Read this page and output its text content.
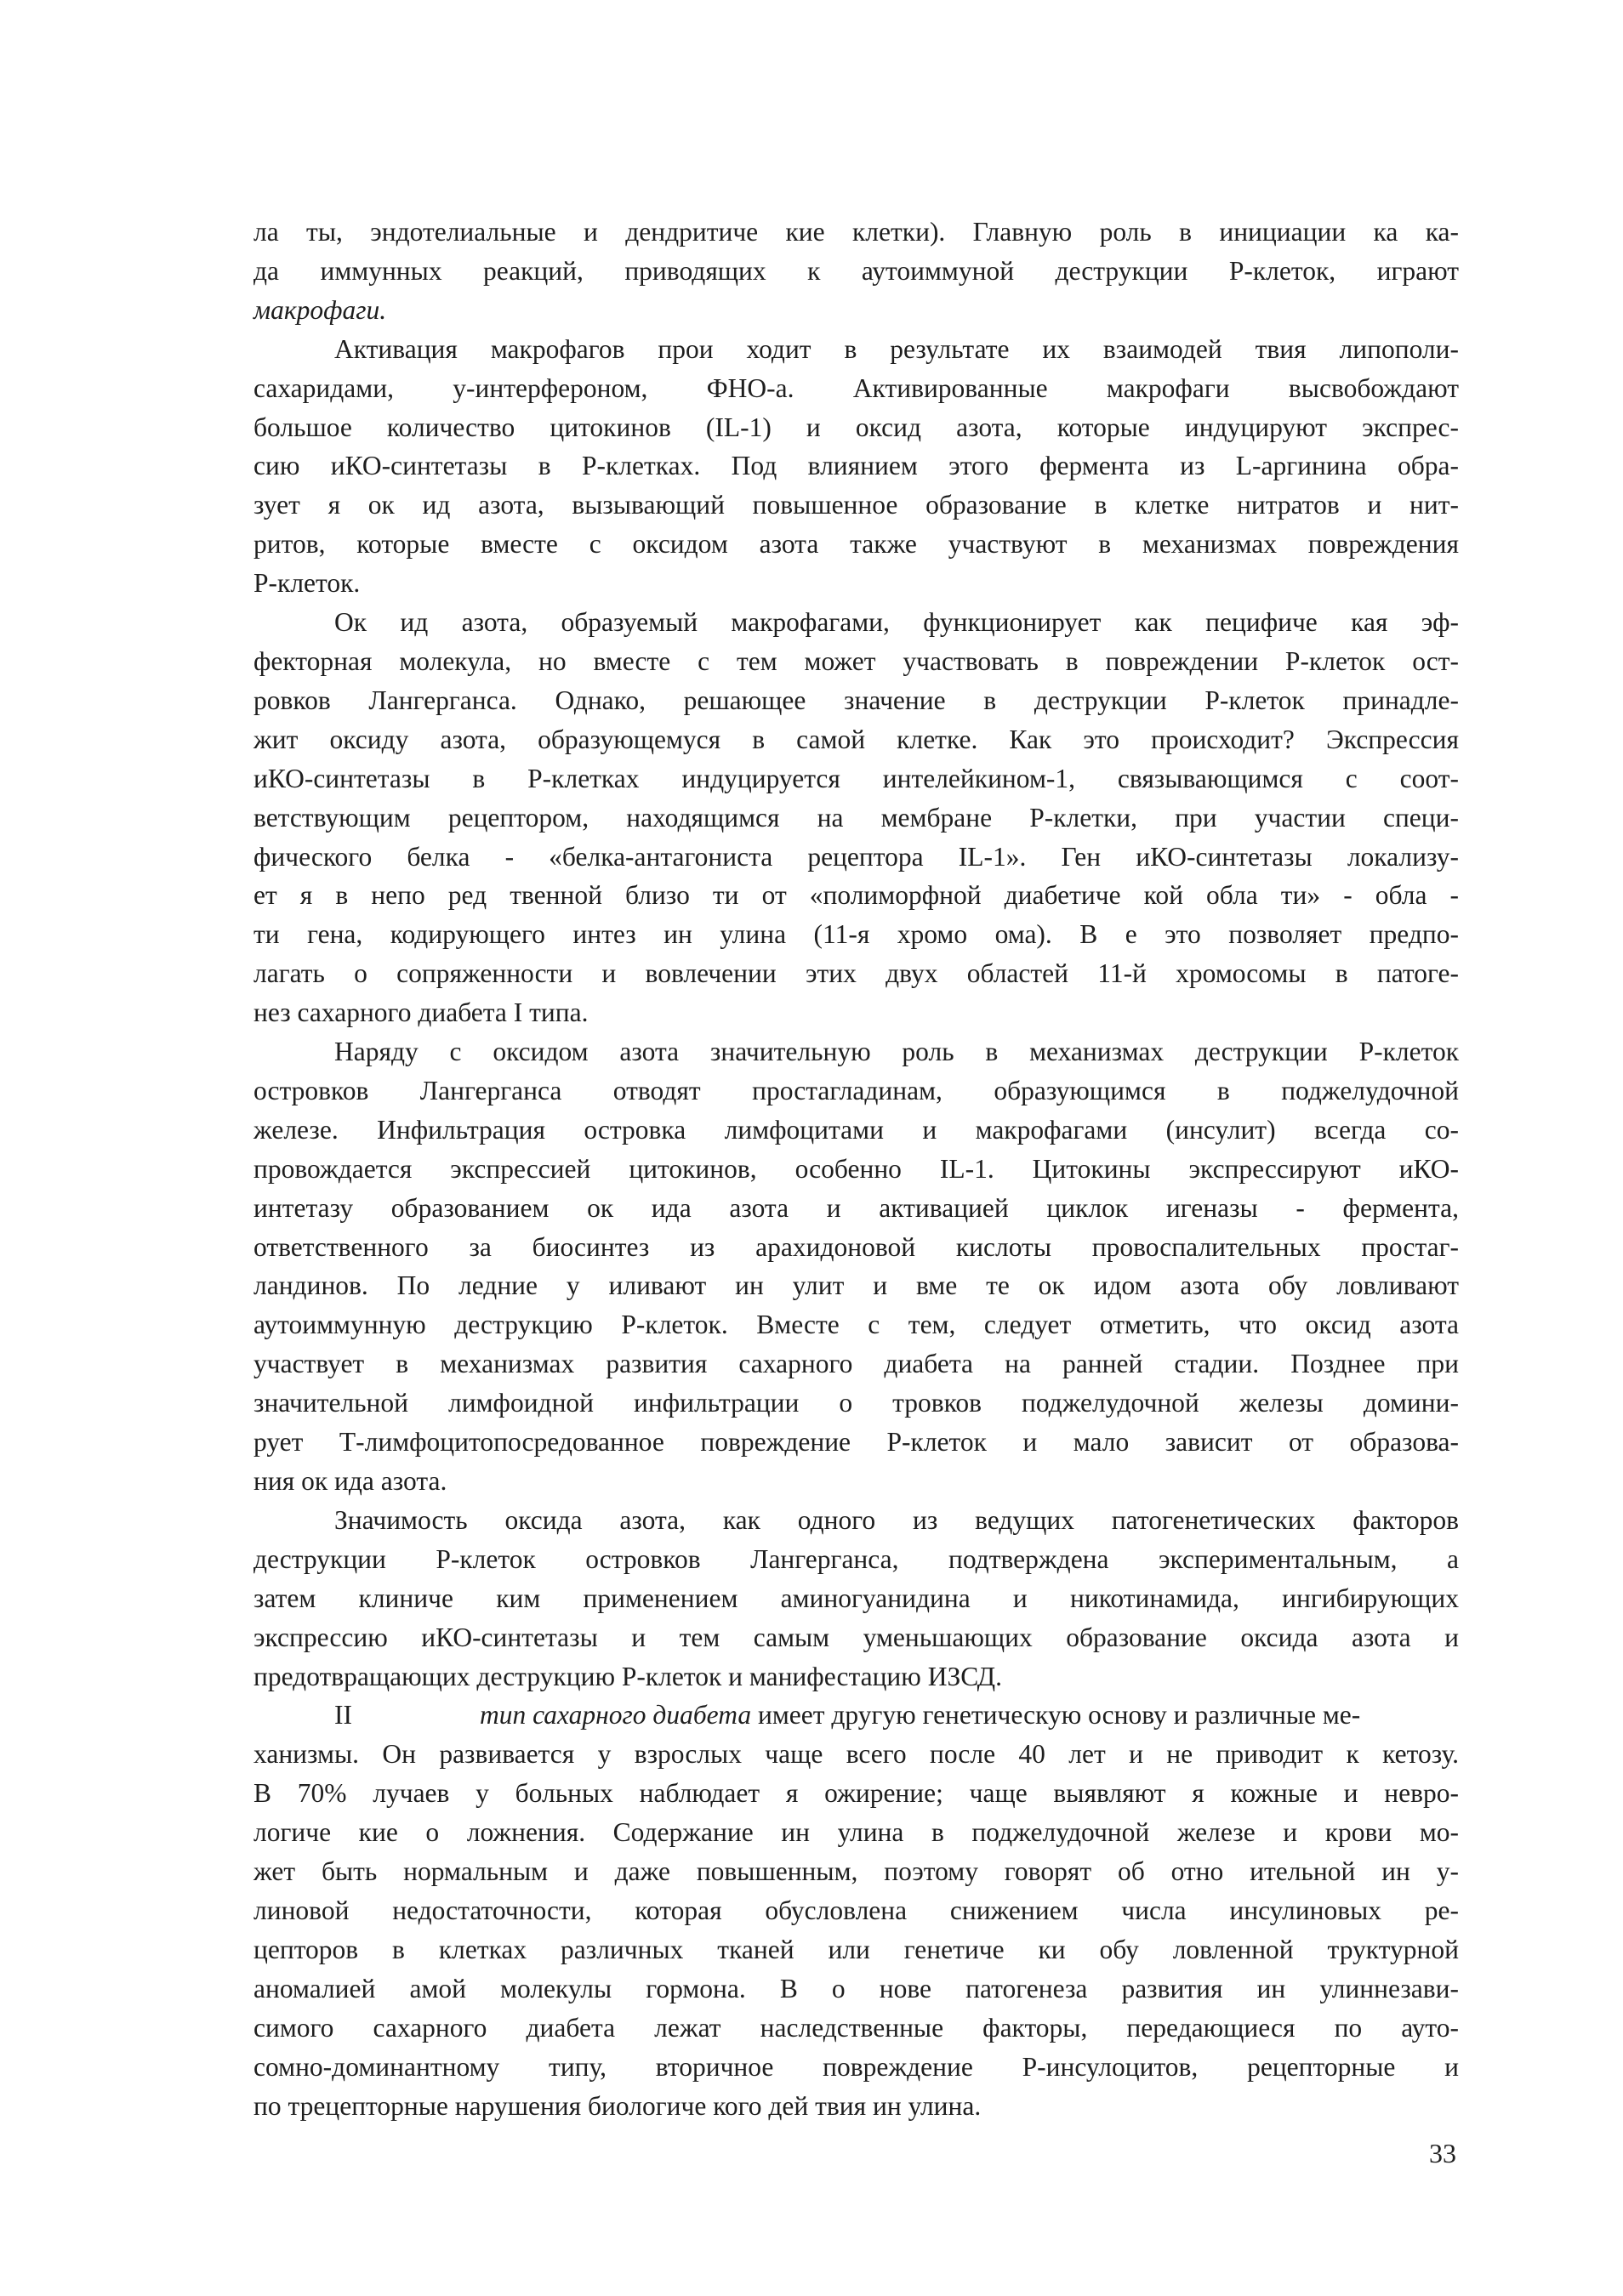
ла ты, эндотелиальные и дендритиче кие клетки). Главную роль в инициации ка ка-

да иммунных реакций, приводящих к аутоиммуной деструкции Р-клеток, играют

макрофаги.

Активация макрофагов прои ходит в результате их взаимодей твия липополи-

сахаридами, у-интерфероном, ФНО-а. Активированные макрофаги высвобождают

большое количество цитокинов (IL-1) и оксид азота, которые индуцируют экспрес-

сию иКО-синтетазы в Р-клетках. Под влиянием этого фермента из L-аргинина обра-

зует я ок ид азота, вызывающий повышенное образование в клетке нитратов и нит-

ритов, которые вместе с оксидом азота также участвуют в механизмах повреждения

Р-клеток.

Ок ид азота, образуемый макрофагами, функционирует как пецифиче кая эф-

фекторная молекула, но вместе с тем может участвовать в повреждении Р-клеток ост-

ровков Лангерганса. Однако, решающее значение в деструкции Р-клеток принадле-

жит оксиду азота, образующемуся в самой клетке. Как это происходит? Экспрессия

иКО-синтетазы в Р-клетках индуцируется интелейкином-1, связывающимся с соот-

ветствующим рецептором, находящимся на мембране Р-клетки, при участии специ-

фического белка - «белка-антагониста рецептора IL-1». Ген иКО-синтетазы локализу-

ет я в непо ред твенной близо ти от «полиморфной диабетиче кой обла ти» - обла -

ти гена, кодирующего интез ин улина (11-я хромо ома). В е это позволяет предпо-

лагать о сопряженности и вовлечении этих двух областей 11-й хромосомы в патоге-

нез сахарного диабета I типа.

Наряду с оксидом азота значительную роль в механизмах деструкции Р-клеток

островков Лангерганса отводят простагладинам, образующимся в поджелудочной

железе. Инфильтрация островка лимфоцитами и макрофагами (инсулит) всегда со-

провождается экспрессией цитокинов, особенно IL-1. Цитокины экспрессируют иКО-

интетазу образованием ок ида азота и активацией циклок игеназы - фермента,

ответственного за биосинтез из арахидоновой кислоты провоспалительных простаг-

ландинов. По ледние у иливают ин улит и вме те ок идом азота обу ловливают

аутоиммунную деструкцию Р-клеток. Вместе с тем, следует отметить, что оксид азота

участвует в механизмах развития сахарного диабета на ранней стадии. Позднее при

значительной лимфоидной инфильтрации о тровков поджелудочной железы домини-

рует Т-лимфоцитопосредованное повреждение Р-клеток и мало зависит от образова-

ния ок ида азота.

Значимость оксида азота, как одного из ведущих патогенетических факторов

деструкции Р-клеток островков Лангерганса, подтверждена экспериментальным, а

затем клиниче ким применением аминогуанидина и никотинамида, ингибирующих

экспрессию иКО-синтетазы и тем самым уменьшающих образование оксида азота и

предотвращающих деструкцию Р-клеток и манифестацию ИЗСД.

II	тип сахарного диабета имеет другую генетическую основу и различные ме-

ханизмы. Он развивается у взрослых чаще всего после 40 лет и не приводит к кетозу.

В 70% лучаев у больных наблюдает я ожирение; чаще выявляют я кожные и невро-

логиче кие о ложнения. Содержание ин улина в поджелудочной железе и крови мо-

жет быть нормальным и даже повышенным, поэтому говорят об отно ительной ин у-

линовой недостаточности, которая обусловлена снижением числа инсулиновых ре-

цепторов в клетках различных тканей или генетиче ки обу ловленной труктурной

аномалией амой молекулы гормона. В о нове патогенеза развития ин улиннезави-

симого сахарного диабета лежат наследственные факторы, передающиеся по ауто-

сомно-доминантному типу, вторичное повреждение Р-инсулоцитов, рецепторные и

по трецепторные нарушения биологиче кого дей твия ин улина.

33
